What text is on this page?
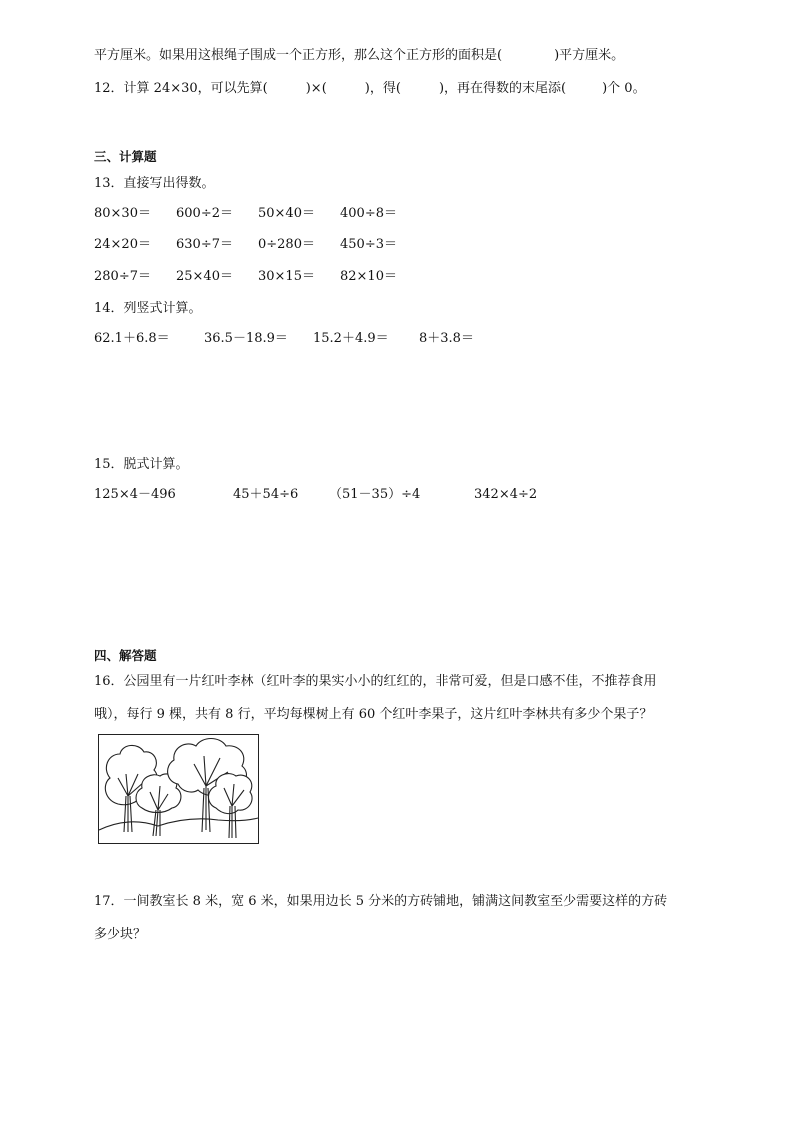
平方厘米。如果用这根绳子围成一个正方形，那么这个正方形的面积是(	)平方厘米。
12．计算 24×30，可以先算(	)×(	)，得(	)，再在得数的末尾添(	)个 0。
三、计算题
13．直接写出得数。
80×30＝ 600÷2＝ 50×40＝ 400÷8＝
24×20＝ 630÷7＝ 0÷280＝ 450÷3＝
280÷7＝ 25×40＝ 30×15＝ 82×10＝
14．列竖式计算。
62.1＋6.8＝	36.5－18.9＝ 15.2＋4.9＝ 8＋3.8＝
15．脱式计算。
125×4－496	45＋54÷6 （51－35）÷4	342×4÷2
四、解答题
16．公园里有一片红叶李林（红叶李的果实小小的红红的，非常可爱，但是口感不佳，不推荐食用
哦），每行 9 棵，共有 8 行，平均每棵树上有 60 个红叶李果子，这片红叶李林共有多少个果子？
17．一间教室长 8 米，宽 6 米，如果用边长 5 分米的方砖铺地，铺满这间教室至少需要这样的方砖
多少块？
